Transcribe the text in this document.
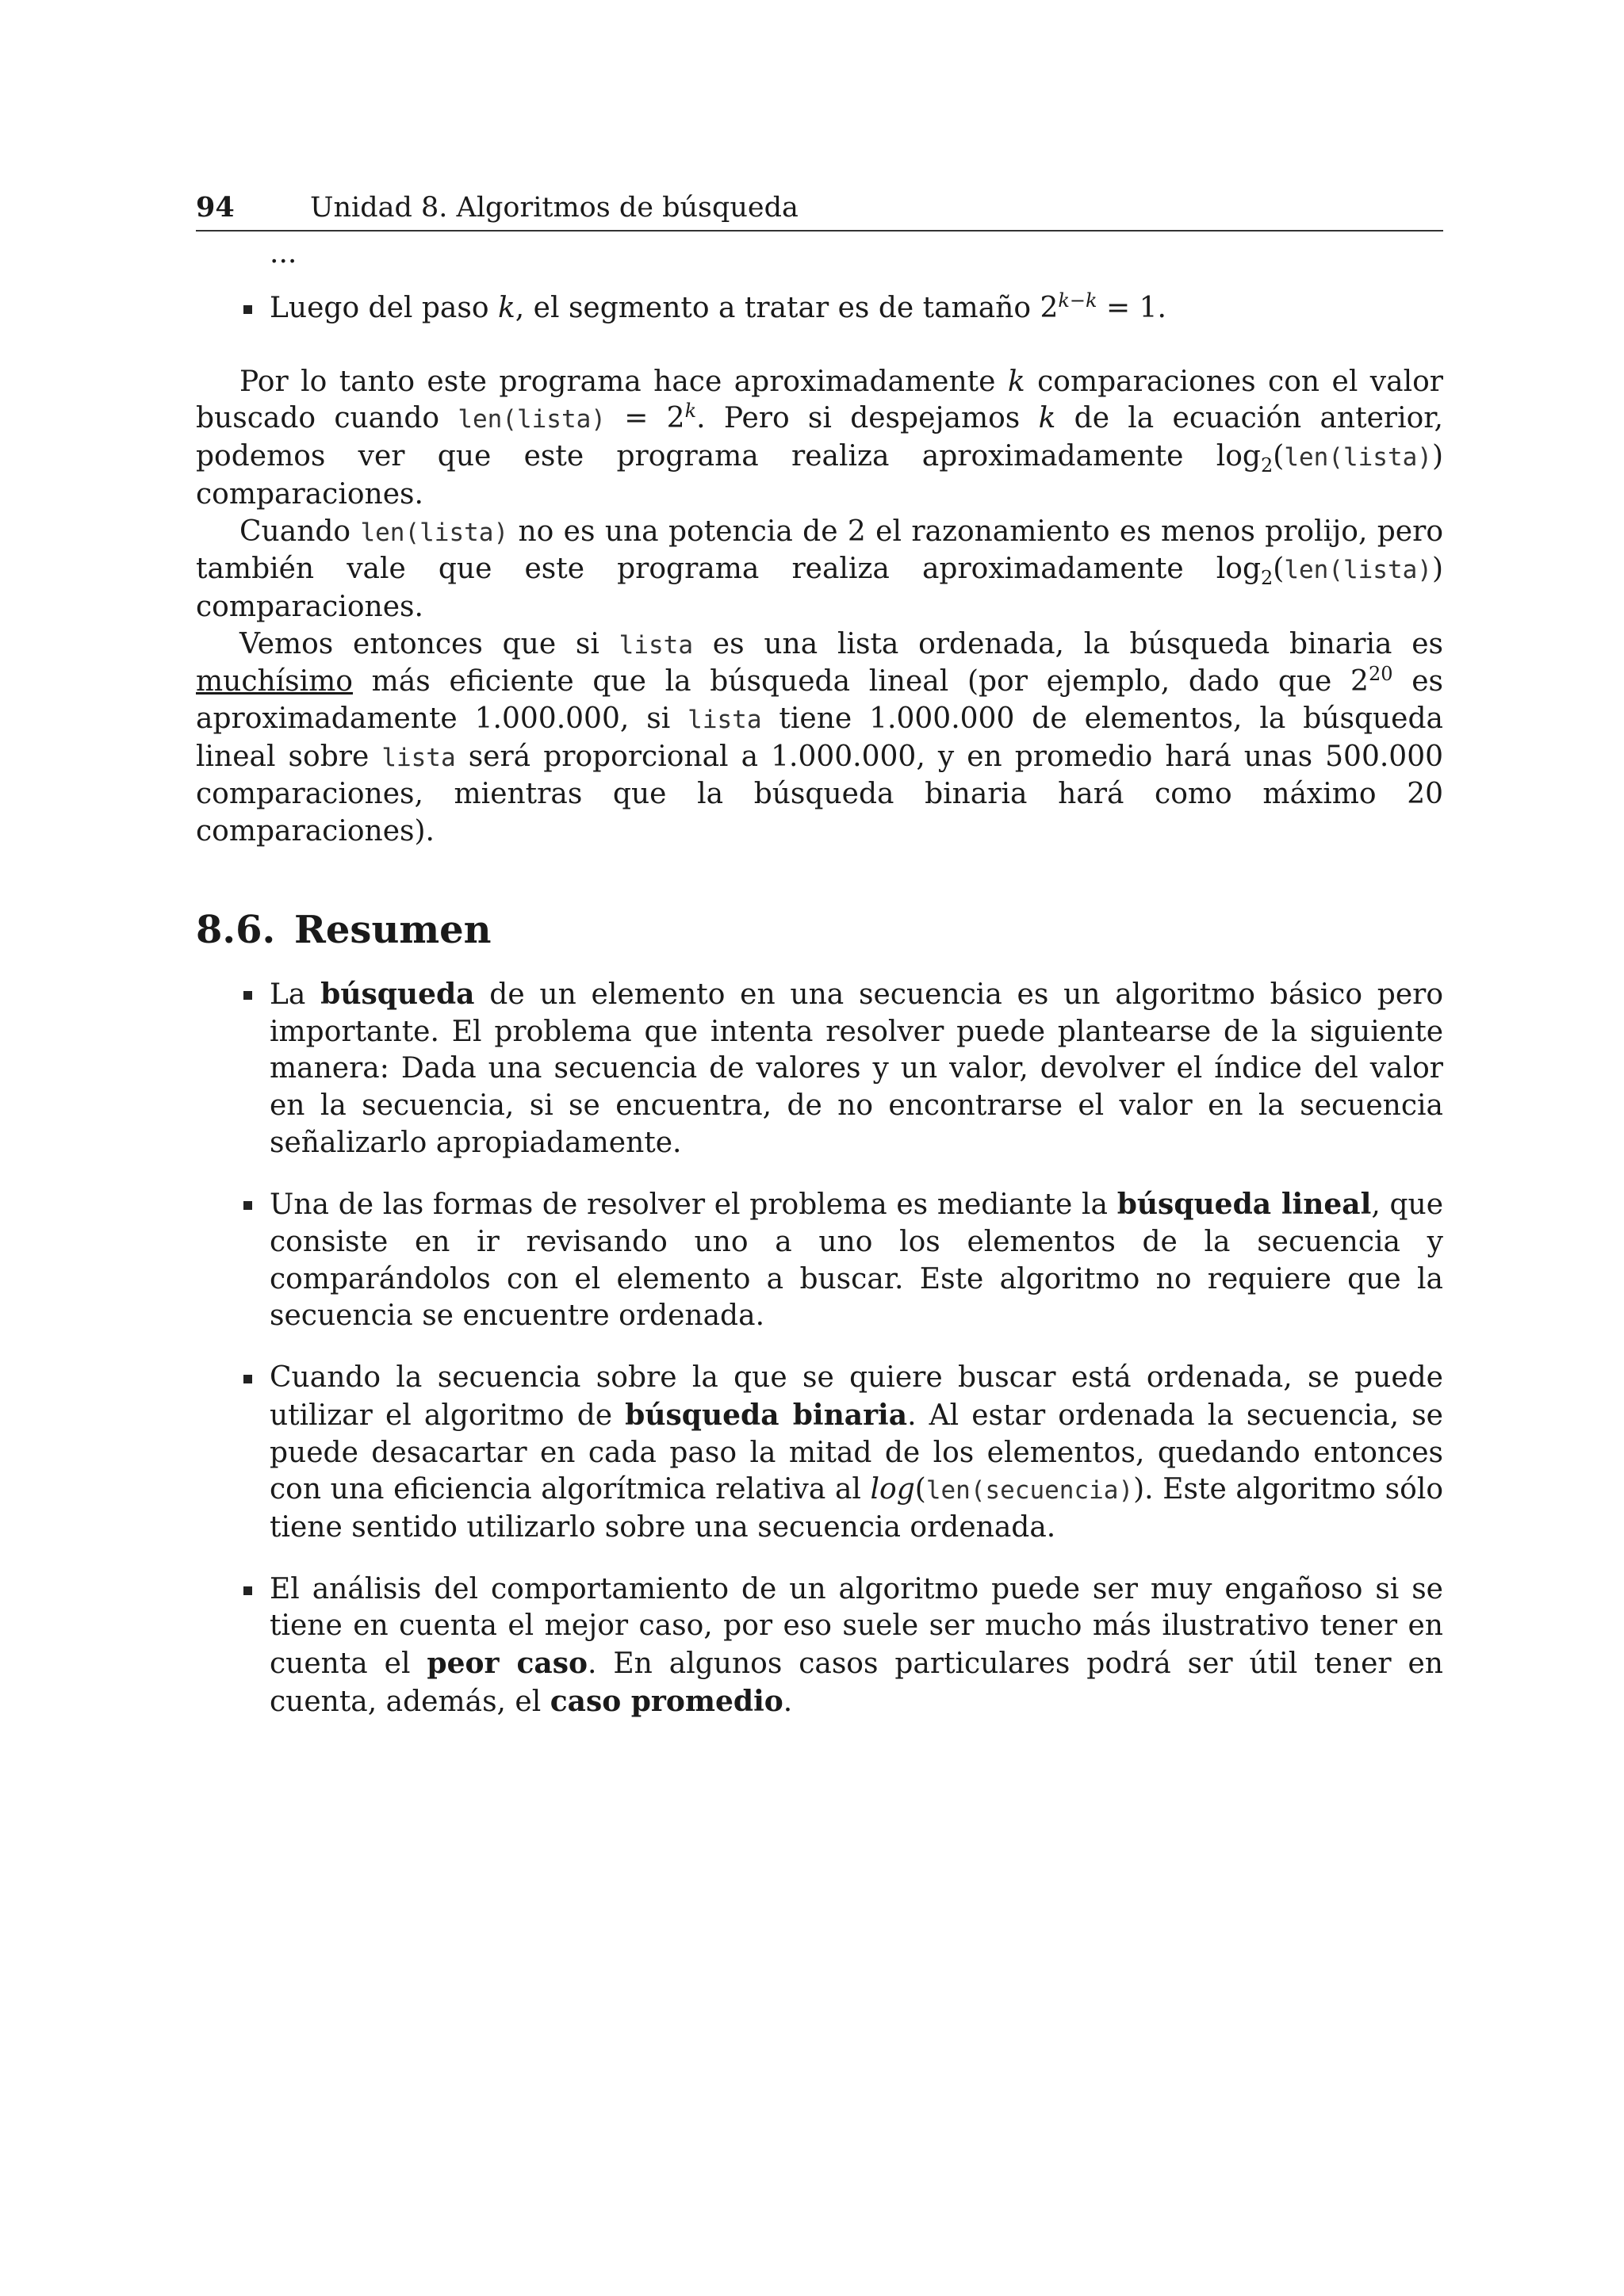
94	Unidad 8. Algoritmos de búsqueda
...
Luego del paso k, el segmento a tratar es de tamaño $2^{k-k} = 1$.

Por lo tanto este programa hace aproximadamente k comparaciones con el valor buscado cuando len(lista) = $2^k$. Pero si despejamos k de la ecuación anterior, podemos ver que este programa realiza aproximadamente $\log_2(len(lista))$ comparaciones.

Cuando len(lista) no es una potencia de 2 el razonamiento es menos prolijo, pero también vale que este programa realiza aproximadamente $\log_2(len(lista))$ comparaciones.

Vemos entonces que si lista es una lista ordenada, la búsqueda binaria es muchísimo más eficiente que la búsqueda lineal (por ejemplo, dado que $2^{20}$ es aproximadamente 1.000.000, si lista tiene 1.000.000 de elementos, la búsqueda lineal sobre lista será proporcional a 1.000.000, y en promedio hará unas 500.000 comparaciones, mientras que la búsqueda binaria hará como máximo 20 comparaciones).

8.6. Resumen
La búsqueda de un elemento en una secuencia es un algoritmo básico pero importante. El problema que intenta resolver puede plantearse de la siguiente manera: Dada una secuencia de valores y un valor, devolver el índice del valor en la secuencia, si se encuentra, de no encontrarse el valor en la secuencia señalizarlo apropiadamente.
Una de las formas de resolver el problema es mediante la búsqueda lineal, que consiste en ir revisando uno a uno los elementos de la secuencia y comparándolos con el elemento a buscar. Este algoritmo no requiere que la secuencia se encuentre ordenada.
Cuando la secuencia sobre la que se quiere buscar está ordenada, se puede utilizar el algoritmo de búsqueda binaria. Al estar ordenada la secuencia, se puede desacartar en cada paso la mitad de los elementos, quedando entonces con una eficiencia algorítmica relativa al log(len(secuencia)). Este algoritmo sólo tiene sentido utilizarlo sobre una secuencia ordenada.
El análisis del comportamiento de un algoritmo puede ser muy engañoso si se tiene en cuenta el mejor caso, por eso suele ser mucho más ilustrativo tener en cuenta el peor caso. En algunos casos particulares podrá ser útil tener en cuenta, además, el caso promedio.
